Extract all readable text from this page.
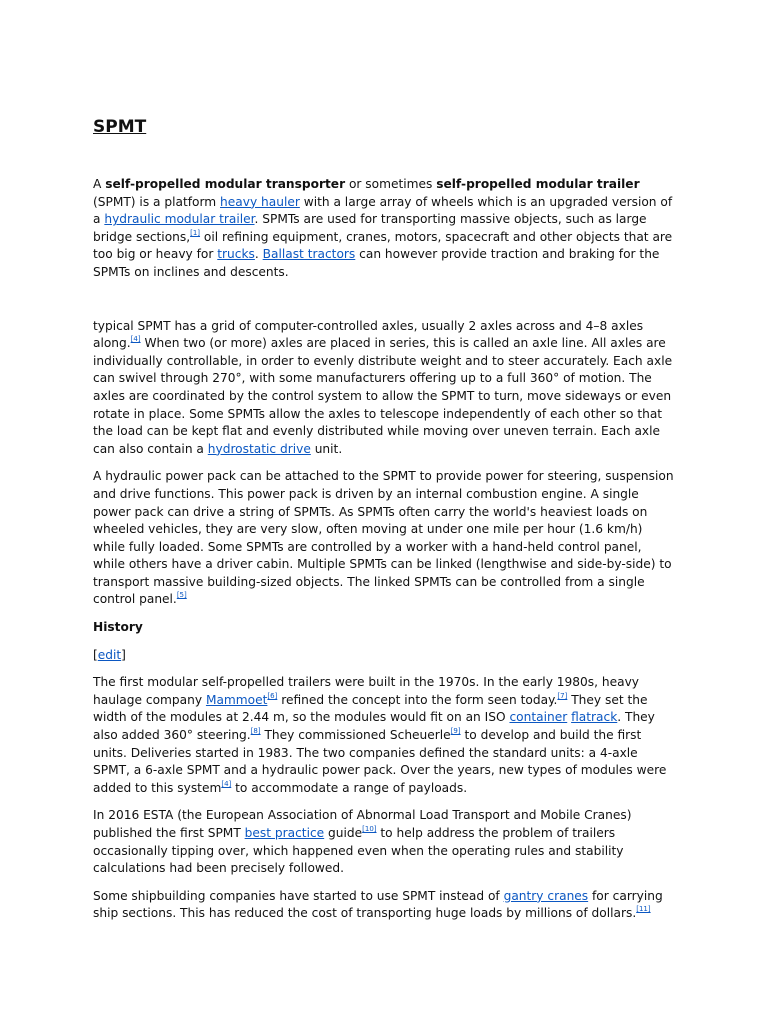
SPMT

A self-propelled modular transporter or sometimes self-propelled modular trailer (SPMT) is a platform heavy hauler with a large array of wheels which is an upgraded version of a hydraulic modular trailer. SPMTs are used for transporting massive objects, such as large bridge sections,[1] oil refining equipment, cranes, motors, spacecraft and other objects that are too big or heavy for trucks. Ballast tractors can however provide traction and braking for the SPMTs on inclines and descents.

typical SPMT has a grid of computer-controlled axles, usually 2 axles across and 4–8 axles along.[4] When two (or more) axles are placed in series, this is called an axle line. All axles are individually controllable, in order to evenly distribute weight and to steer accurately. Each axle can swivel through 270°, with some manufacturers offering up to a full 360° of motion. The axles are coordinated by the control system to allow the SPMT to turn, move sideways or even rotate in place. Some SPMTs allow the axles to telescope independently of each other so that the load can be kept flat and evenly distributed while moving over uneven terrain. Each axle can also contain a hydrostatic drive unit.

A hydraulic power pack can be attached to the SPMT to provide power for steering, suspension and drive functions. This power pack is driven by an internal combustion engine. A single power pack can drive a string of SPMTs. As SPMTs often carry the world's heaviest loads on wheeled vehicles, they are very slow, often moving at under one mile per hour (1.6 km/h) while fully loaded. Some SPMTs are controlled by a worker with a hand-held control panel, while others have a driver cabin. Multiple SPMTs can be linked (lengthwise and side-by-side) to transport massive building-sized objects. The linked SPMTs can be controlled from a single control panel.[5]

History

[edit]

The first modular self-propelled trailers were built in the 1970s. In the early 1980s, heavy haulage company Mammoet[6] refined the concept into the form seen today.[7] They set the width of the modules at 2.44 m, so the modules would fit on an ISO container flatrack. They also added 360° steering.[8] They commissioned Scheuerle[9] to develop and build the first units. Deliveries started in 1983. The two companies defined the standard units: a 4-axle SPMT, a 6-axle SPMT and a hydraulic power pack. Over the years, new types of modules were added to this system[4] to accommodate a range of payloads.

In 2016 ESTA (the European Association of Abnormal Load Transport and Mobile Cranes) published the first SPMT best practice guide[10] to help address the problem of trailers occasionally tipping over, which happened even when the operating rules and stability calculations had been precisely followed.

Some shipbuilding companies have started to use SPMT instead of gantry cranes for carrying ship sections. This has reduced the cost of transporting huge loads by millions of dollars.[11]
